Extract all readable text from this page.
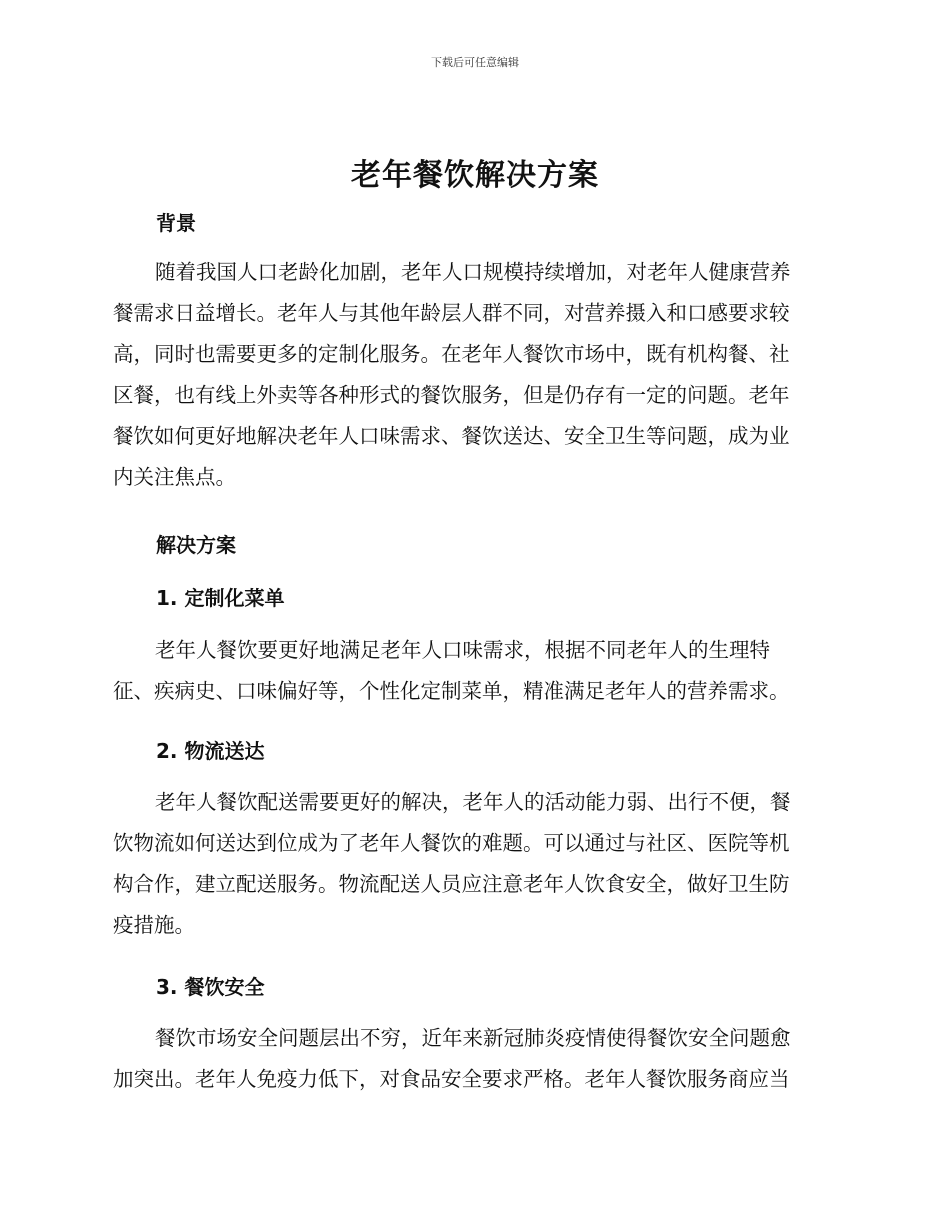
下载后可任意编辑
老年餐饮解决方案
背景
随着我国人口老龄化加剧，老年人口规模持续增加，对老年人健康营养
餐需求日益增长。老年人与其他年龄层人群不同，对营养摄入和口感要求较
高，同时也需要更多的定制化服务。在老年人餐饮市场中，既有机构餐、社
区餐，也有线上外卖等各种形式的餐饮服务，但是仍存有一定的问题。老年
餐饮如何更好地解决老年人口味需求、餐饮送达、安全卫生等问题，成为业
内关注焦点。
解决方案
1. 定制化菜单
老年人餐饮要更好地满足老年人口味需求，根据不同老年人的生理特
征、疾病史、口味偏好等，个性化定制菜单，精准满足老年人的营养需求。
2. 物流送达
老年人餐饮配送需要更好的解决，老年人的活动能力弱、出行不便，餐
饮物流如何送达到位成为了老年人餐饮的难题。可以通过与社区、医院等机
构合作，建立配送服务。物流配送人员应注意老年人饮食安全，做好卫生防
疫措施。
3. 餐饮安全
餐饮市场安全问题层出不穷，近年来新冠肺炎疫情使得餐饮安全问题愈
加突出。老年人免疫力低下，对食品安全要求严格。老年人餐饮服务商应当
